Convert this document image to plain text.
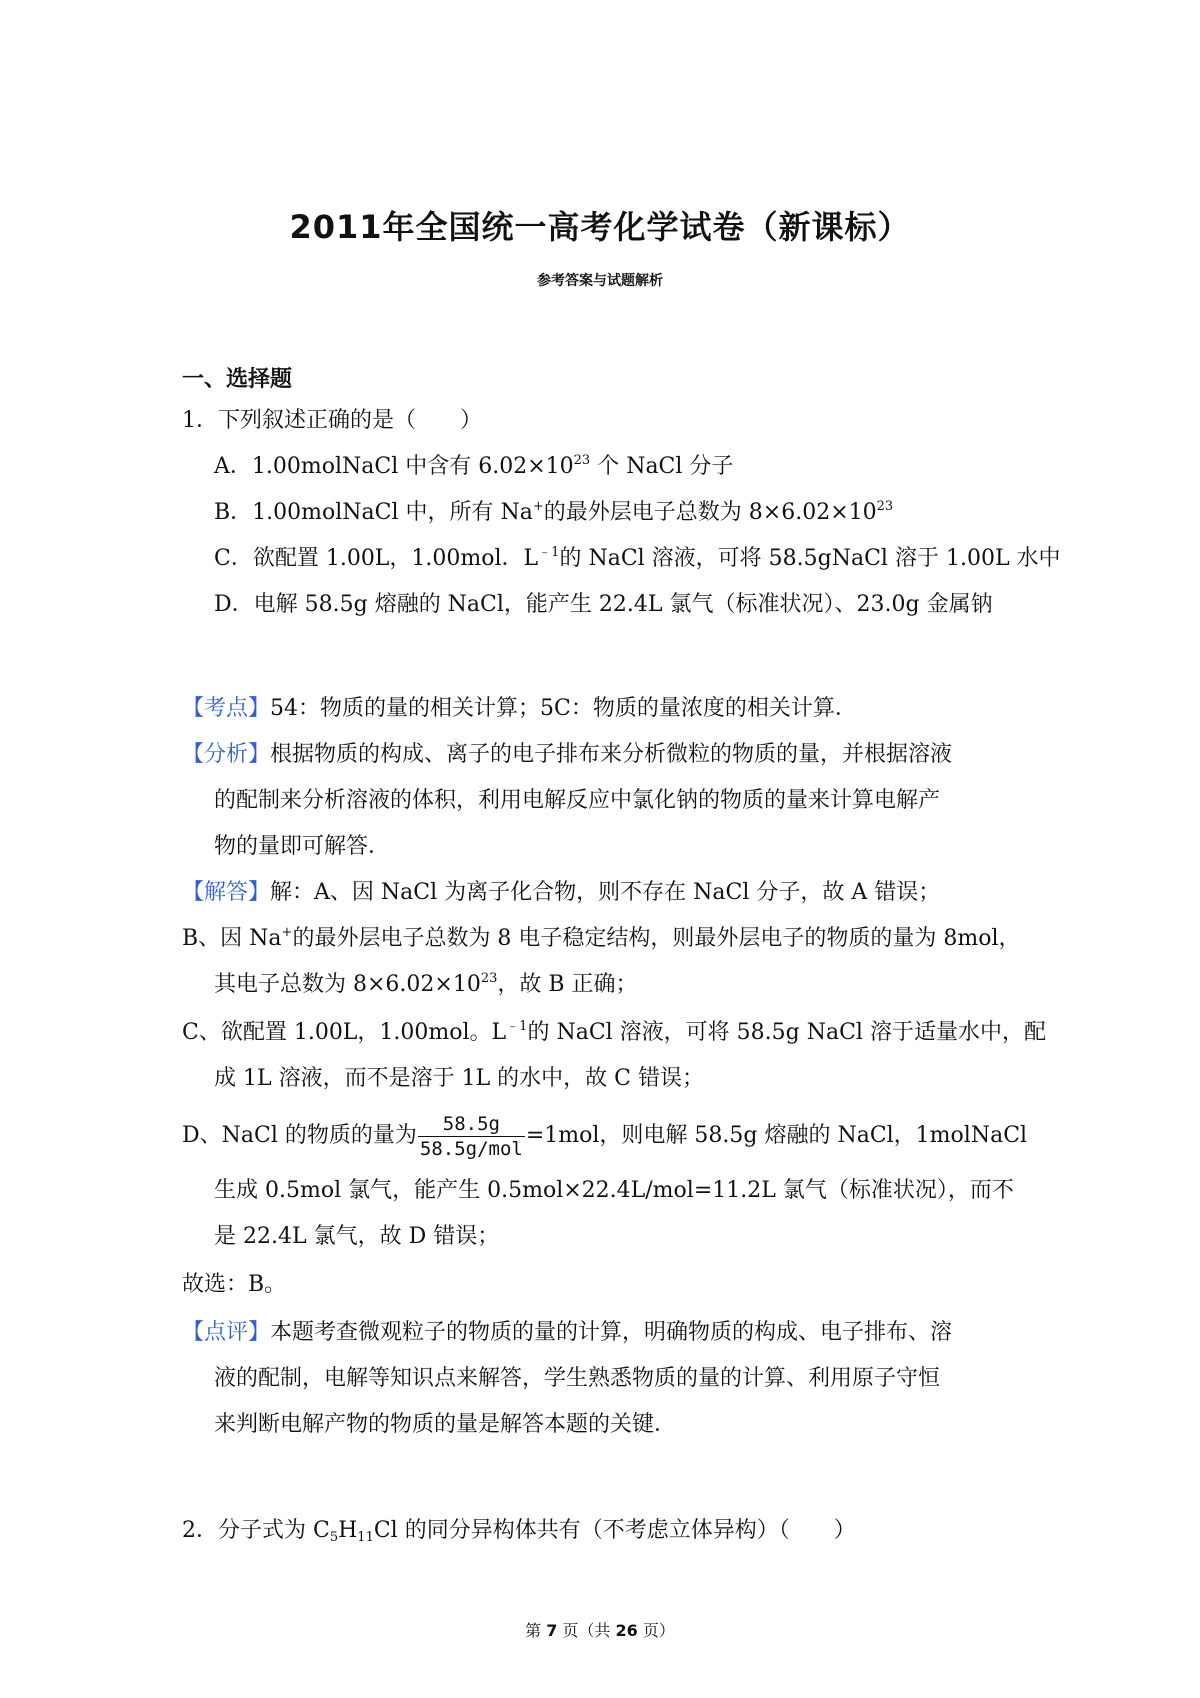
2011年全国统一高考化学试卷（新课标）
参考答案与试题解析
一、选择题
1．下列叙述正确的是（　　）
A．1.00molNaCl 中含有 $6.02\times 10^{23}$ 个 NaCl 分子
B．1.00molNaCl 中，所有 Na+的最外层电子总数为 $8\times 6.02\times 10^{23}$
C．欲配置 1.00L，1.00mol．$L^{﹣1}$的 NaCl 溶液，可将 58.5gNaCl 溶于 1.00L 水中
D．电解 58.5g 熔融的 NaCl，能产生 22.4L 氯气（标准状况）、23.0g 金属钠
【考点】54：物质的量的相关计算；5C：物质的量浓度的相关计算．
【分析】根据物质的构成、离子的电子排布来分析微粒的物质的量，并根据溶液
的配制来分析溶液的体积，利用电解反应中氯化钠的物质的量来计算电解产
物的量即可解答．
【解答】解：A、因 NaCl 为离子化合物，则不存在 NaCl 分子，故 A 错误；
B、因 Na+的最外层电子总数为 8 电子稳定结构，则最外层电子的物质的量为 8mol，
其电子总数为 $8\times 6.02\times 10^{23}$，故 B 正确；
C、欲配置 1.00L，1.00mol。$L^{﹣1}$的 NaCl 溶液，可将 58.5g NaCl 溶于适量水中，配
成 1L 溶液，而不是溶于 1L 的水中，故 C 错误；
D、NaCl 的物质的量为 $\frac{58.5g}{\text{58.5g/mol}} =1mol$，则电解 58.5g 熔融的 NaCl，1molNaCl
生成 0.5mol 氯气，能产生 0.5mol×22.4L/mol=11.2L 氯气（标准状况），而不
是 22.4L 氯气，故 D 错误；
故选：B。
【点评】本题考查微观粒子的物质的量的计算，明确物质的构成、电子排布、溶
液的配制，电解等知识点来解答，学生熟悉物质的量的计算、利用原子守恒
来判断电解产物的物质的量是解答本题的关键．
2．分子式为 $C_5H_{11}Cl$ 的同分异构体共有（不考虑立体异构）（　　）
第 7 页（共 26 页）
